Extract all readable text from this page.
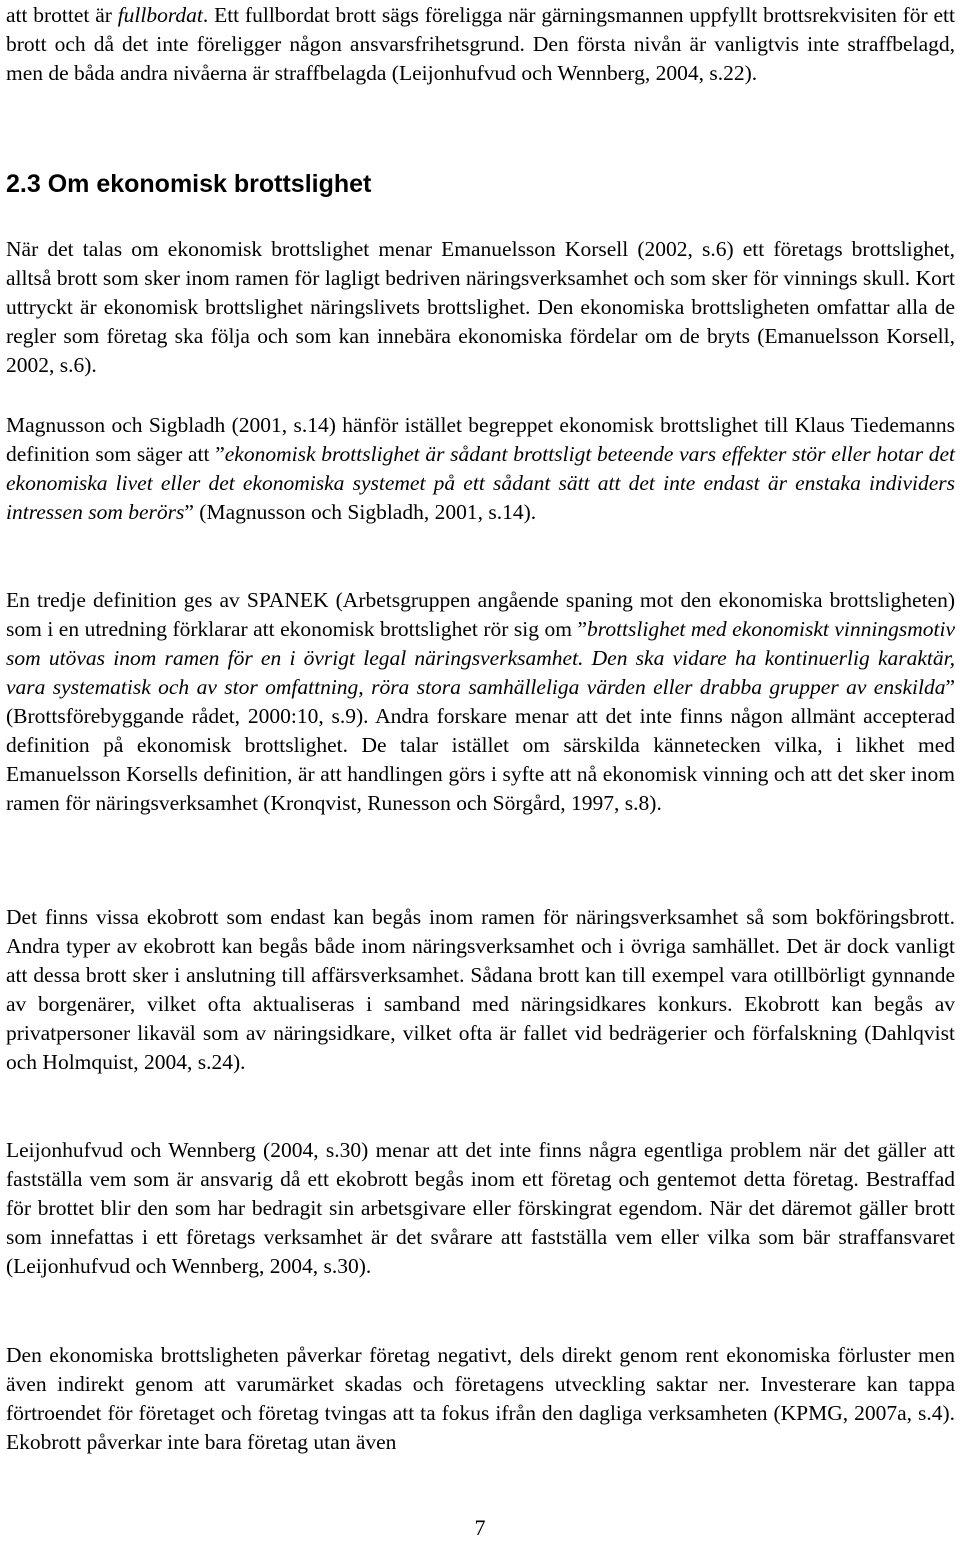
att brottet är fullbordat. Ett fullbordat brott sägs föreligga när gärningsmannen uppfyllt brottsrekvisiten för ett brott och då det inte föreligger någon ansvarsfrihetsgrund. Den första nivån är vanligtvis inte straffbelagd, men de båda andra nivåerna är straffbelagda (Leijonhufvud och Wennberg, 2004, s.22).

2.3 Om ekonomisk brottslighet

När det talas om ekonomisk brottslighet menar Emanuelsson Korsell (2002, s.6) ett företags brottslighet, alltså brott som sker inom ramen för lagligt bedriven näringsverksamhet och som sker för vinnings skull. Kort uttryckt är ekonomisk brottslighet näringslivets brottslighet. Den ekonomiska brottsligheten omfattar alla de regler som företag ska följa och som kan innebära ekonomiska fördelar om de bryts (Emanuelsson Korsell, 2002, s.6).

Magnusson och Sigbladh (2001, s.14) hänför istället begreppet ekonomisk brottslighet till Klaus Tiedemanns definition som säger att ”ekonomisk brottslighet är sådant brottsligt beteende vars effekter stör eller hotar det ekonomiska livet eller det ekonomiska systemet på ett sådant sätt att det inte endast är enstaka individers intressen som berörs” (Magnusson och Sigbladh, 2001, s.14).

En tredje definition ges av SPANEK (Arbetsgruppen angående spaning mot den ekonomiska brottsligheten) som i en utredning förklarar att ekonomisk brottslighet rör sig om ”brottslighet med ekonomiskt vinningsmotiv som utövas inom ramen för en i övrigt legal näringsverksamhet. Den ska vidare ha kontinuerlig karaktär, vara systematisk och av stor omfattning, röra stora samhälleliga värden eller drabba grupper av enskilda” (Brottsförebyggande rådet, 2000:10, s.9). Andra forskare menar att det inte finns någon allmänt accepterad definition på ekonomisk brottslighet. De talar istället om särskilda kännetecken vilka, i likhet med Emanuelsson Korsells definition, är att handlingen görs i syfte att nå ekonomisk vinning och att det sker inom ramen för näringsverksamhet (Kronqvist, Runesson och Sörgård, 1997, s.8).

Det finns vissa ekobrott som endast kan begås inom ramen för näringsverksamhet så som bokföringsbrott. Andra typer av ekobrott kan begås både inom näringsverksamhet och i övriga samhället. Det är dock vanligt att dessa brott sker i anslutning till affärsverksamhet. Sådana brott kan till exempel vara otillbörligt gynnande av borgenärer, vilket ofta aktualiseras i samband med näringsidkares konkurs. Ekobrott kan begås av privatpersoner likaväl som av näringsidkare, vilket ofta är fallet vid bedrägerier och förfalskning (Dahlqvist och Holmquist, 2004, s.24).

Leijonhufvud och Wennberg (2004, s.30) menar att det inte finns några egentliga problem när det gäller att fastställa vem som är ansvarig då ett ekobrott begås inom ett företag och gentemot detta företag. Bestraffad för brottet blir den som har bedragit sin arbetsgivare eller förskingrat egendom. När det däremot gäller brott som innefattas i ett företags verksamhet är det svårare att fastställa vem eller vilka som bär straffansvaret (Leijonhufvud och Wennberg, 2004, s.30).

Den ekonomiska brottsligheten påverkar företag negativt, dels direkt genom rent ekonomiska förluster men även indirekt genom att varumärket skadas och företagens utveckling saktar ner. Investerare kan tappa förtroendet för företaget och företag tvingas att ta fokus ifrån den dagliga verksamheten (KPMG, 2007a, s.4). Ekobrott påverkar inte bara företag utan även

7
